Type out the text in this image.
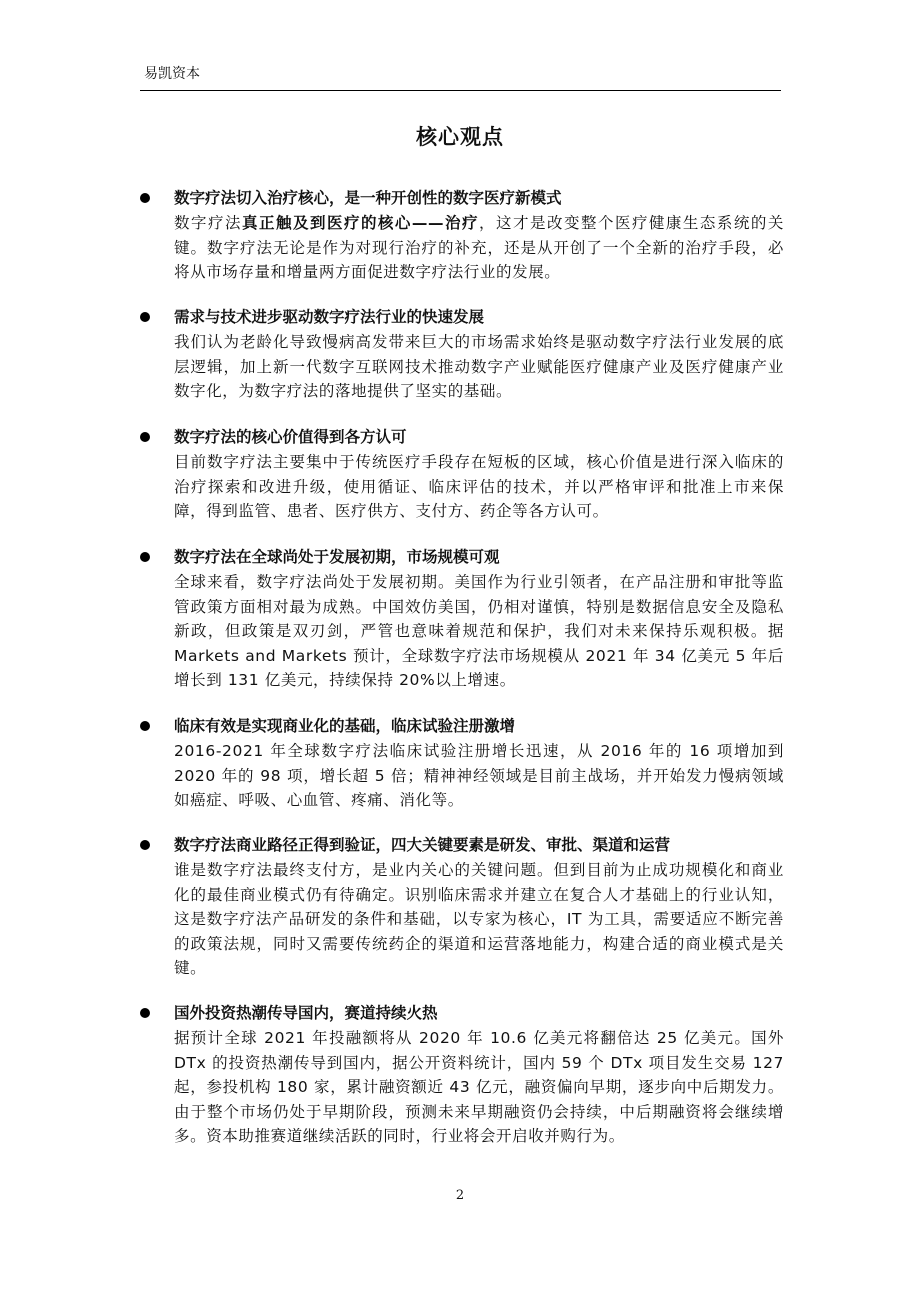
易凯资本
核心观点
数字疗法切入治疗核心，是一种开创性的数字医疗新模式
数字疗法真正触及到医疗的核心——治疗，这才是改变整个医疗健康生态系统的关键。数字疗法无论是作为对现行治疗的补充，还是从开创了一个全新的治疗手段，必将从市场存量和增量两方面促进数字疗法行业的发展。
需求与技术进步驱动数字疗法行业的快速发展
我们认为老龄化导致慢病高发带来巨大的市场需求始终是驱动数字疗法行业发展的底层逻辑，加上新一代数字互联网技术推动数字产业赋能医疗健康产业及医疗健康产业数字化，为数字疗法的落地提供了坚实的基础。
数字疗法的核心价值得到各方认可
目前数字疗法主要集中于传统医疗手段存在短板的区域，核心价值是进行深入临床的治疗探索和改进升级，使用循证、临床评估的技术，并以严格审评和批准上市来保障，得到监管、患者、医疗供方、支付方、药企等各方认可。
数字疗法在全球尚处于发展初期，市场规模可观
全球来看，数字疗法尚处于发展初期。美国作为行业引领者，在产品注册和审批等监管政策方面相对最为成熟。中国效仿美国，仍相对谨慎，特别是数据信息安全及隐私新政，但政策是双刃剑，严管也意味着规范和保护，我们对未来保持乐观积极。据 Markets and Markets 预计，全球数字疗法市场规模从 2021 年 34 亿美元 5 年后增长到 131 亿美元，持续保持 20%以上增速。
临床有效是实现商业化的基础，临床试验注册激增
2016-2021 年全球数字疗法临床试验注册增长迅速，从 2016 年的 16 项增加到 2020 年的 98 项，增长超 5 倍；精神神经领域是目前主战场，并开始发力慢病领域如癌症、呼吸、心血管、疼痛、消化等。
数字疗法商业路径正得到验证，四大关键要素是研发、审批、渠道和运营
谁是数字疗法最终支付方，是业内关心的关键问题。但到目前为止成功规模化和商业化的最佳商业模式仍有待确定。识别临床需求并建立在复合人才基础上的行业认知，这是数字疗法产品研发的条件和基础，以专家为核心，IT 为工具，需要适应不断完善的政策法规，同时又需要传统药企的渠道和运营落地能力，构建合适的商业模式是关键。
国外投资热潮传导国内，赛道持续火热
据预计全球 2021 年投融额将从 2020 年 10.6 亿美元将翻倍达 25 亿美元。国外 DTx 的投资热潮传导到国内，据公开资料统计，国内 59 个 DTx 项目发生交易 127 起，参投机构 180 家，累计融资额近 43 亿元，融资偏向早期，逐步向中后期发力。由于整个市场仍处于早期阶段，预测未来早期融资仍会持续，中后期融资将会继续增多。资本助推赛道继续活跃的同时，行业将会开启收并购行为。
2
